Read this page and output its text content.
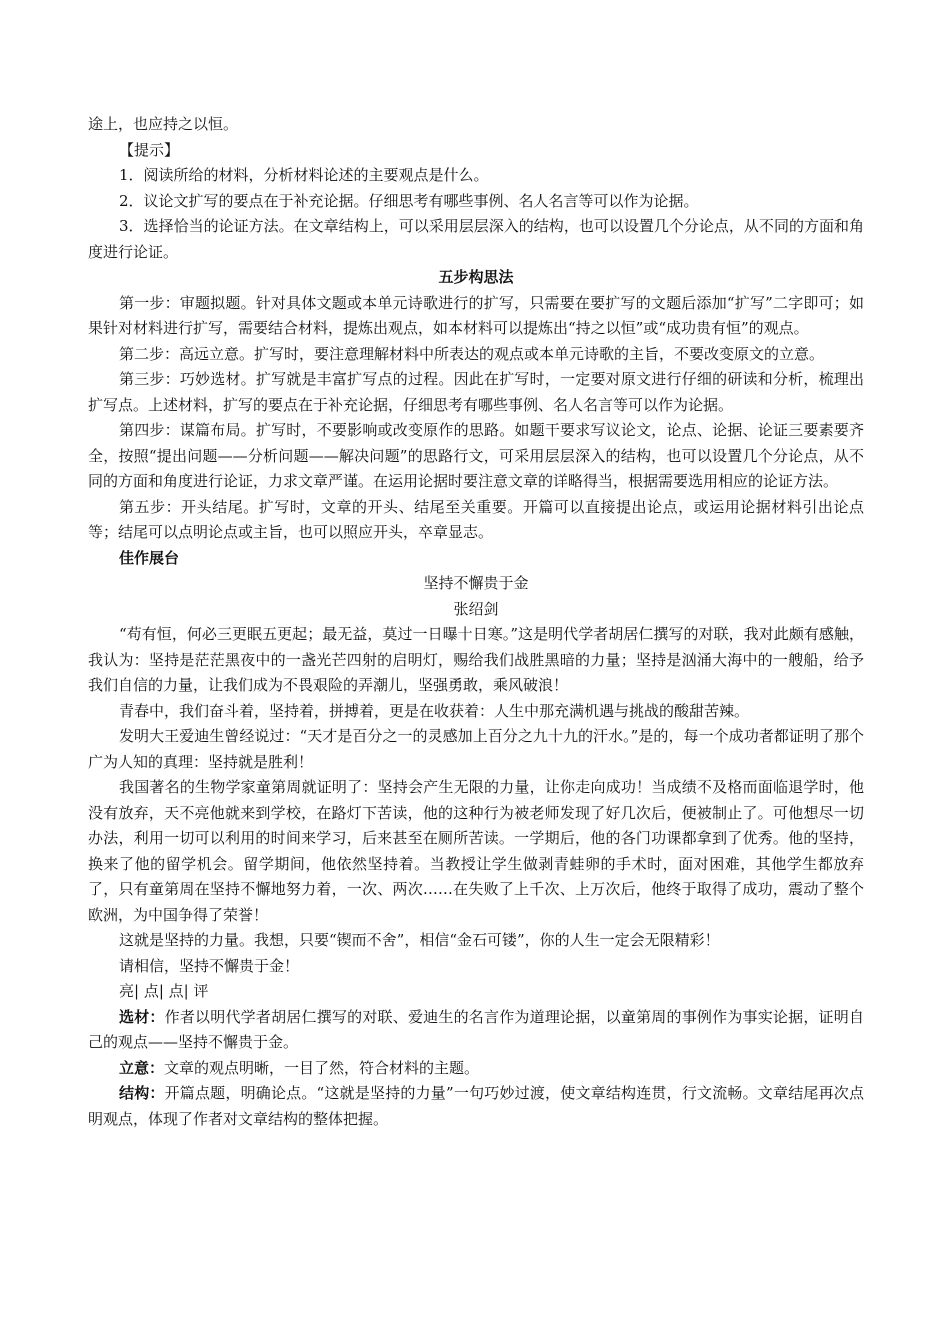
途上，也应持之以恒。

【提示】

1．阅读所给的材料，分析材料论述的主要观点是什么。

2．议论文扩写的要点在于补充论据。仔细思考有哪些事例、名人名言等可以作为论据。

3．选择恰当的论证方法。在文章结构上，可以采用层层深入的结构，也可以设置几个分论点，从不同的方面和角度进行论证。

五步构思法

第一步：审题拟题。针对具体文题或本单元诗歌进行的扩写，只需要在要扩写的文题后添加“扩写”二字即可；如果针对材料进行扩写，需要结合材料，提炼出观点，如本材料可以提炼出“持之以恒”或“成功贵有恒”的观点。

第二步：高远立意。扩写时，要注意理解材料中所表达的观点或本单元诗歌的主旨，不要改变原文的立意。

第三步：巧妙选材。扩写就是丰富扩写点的过程。因此在扩写时，一定要对原文进行仔细的研读和分析，梳理出扩写点。上述材料，扩写的要点在于补充论据，仔细思考有哪些事例、名人名言等可以作为论据。

第四步：谋篇布局。扩写时，不要影响或改变原作的思路。如题干要求写议论文，论点、论据、论证三要素要齐全，按照“提出问题——分析问题——解决问题”的思路行文，可采用层层深入的结构，也可以设置几个分论点，从不同的方面和角度进行论证，力求文章严谨。在运用论据时要注意文章的详略得当，根据需要选用相应的论证方法。

第五步：开头结尾。扩写时，文章的开头、结尾至关重要。开篇可以直接提出论点，或运用论据材料引出论点等；结尾可以点明论点或主旨，也可以照应开头，卒章显志。

佳作展台

坚持不懈贵于金

张绍剑

“苟有恒，何必三更眠五更起；最无益，莫过一日曝十日寒。”这是明代学者胡居仁撰写的对联，我对此颇有感触，我认为：坚持是茫茫黑夜中的一盏光芒四射的启明灯，赐给我们战胜黑暗的力量；坚持是汹涌大海中的一艘船，给予我们自信的力量，让我们成为不畏艰险的弄潮儿，坚强勇敢，乘风破浪！

青春中，我们奋斗着，坚持着，拼搏着，更是在收获着：人生中那充满机遇与挑战的酸甜苦辣。

发明大王爱迪生曾经说过：“天才是百分之一的灵感加上百分之九十九的汗水。”是的，每一个成功者都证明了那个广为人知的真理：坚持就是胜利！

我国著名的生物学家童第周就证明了：坚持会产生无限的力量，让你走向成功！当成绩不及格而面临退学时，他没有放弃，天不亮他就来到学校，在路灯下苦读，他的这种行为被老师发现了好几次后，便被制止了。可他想尽一切办法，利用一切可以利用的时间来学习，后来甚至在厕所苦读。一学期后，他的各门功课都拿到了优秀。他的坚持，换来了他的留学机会。留学期间，他依然坚持着。当教授让学生做剥青蛙卵的手术时，面对困难，其他学生都放弃了，只有童第周在坚持不懈地努力着，一次、两次……在失败了上千次、上万次后，他终于取得了成功，震动了整个欧洲，为中国争得了荣誉！

这就是坚持的力量。我想，只要“锲而不舍”，相信“金石可镂”，你的人生一定会无限精彩！

请相信，坚持不懈贵于金！

亮| 点| 点| 评

选材：作者以明代学者胡居仁撰写的对联、爱迪生的名言作为道理论据，以童第周的事例作为事实论据，证明自己的观点——坚持不懈贵于金。

立意：文章的观点明晰，一目了然，符合材料的主题。

结构：开篇点题，明确论点。“这就是坚持的力量”一句巧妙过渡，使文章结构连贯，行文流畅。文章结尾再次点明观点，体现了作者对文章结构的整体把握。
